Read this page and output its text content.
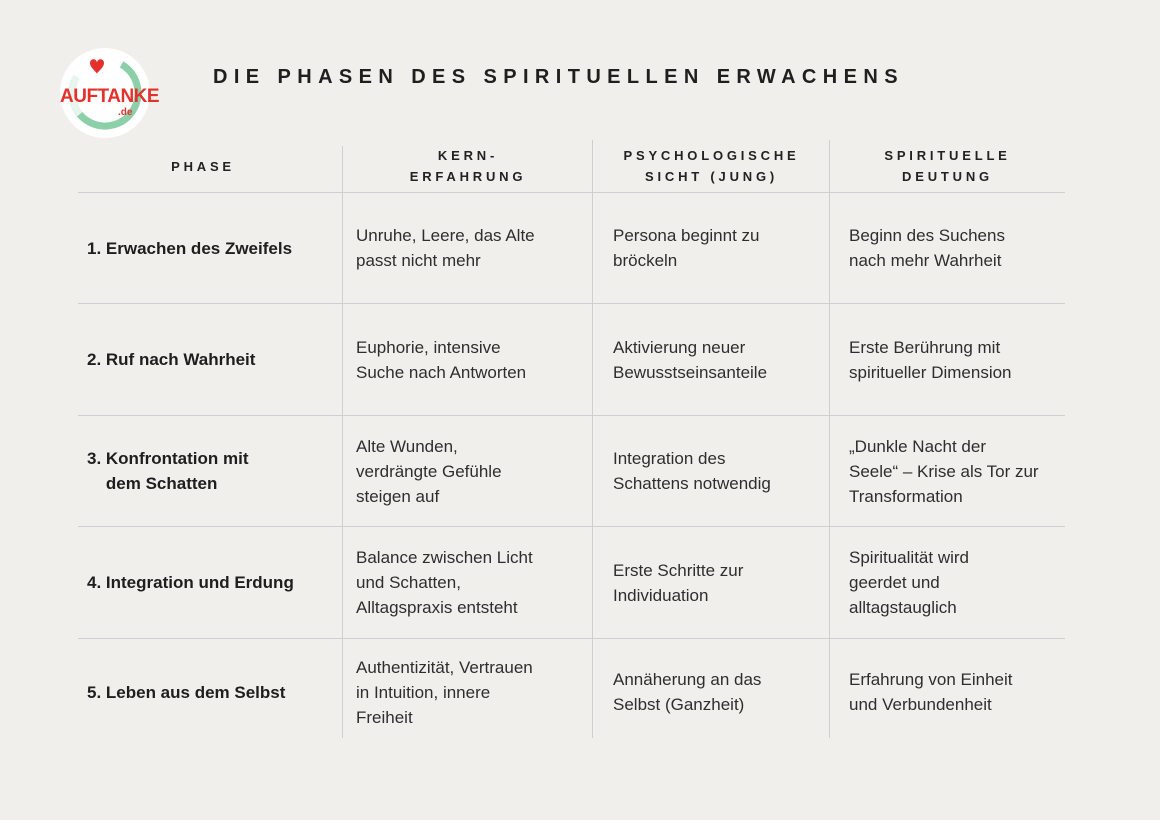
AUFTANKE
.de
DIE PHASEN DES SPIRITUELLEN ERWACHENS
PHASE
KERN-
ERFAHRUNG
PSYCHOLOGISCHE
SICHT (JUNG)
SPIRITUELLE
DEUTUNG
1. Erwachen des Zweifels
Unruhe, Leere, das Alte
passt nicht mehr
Persona beginnt zu
bröckeln
Beginn des Suchens
nach mehr Wahrheit
2. Ruf nach Wahrheit
Euphorie, intensive
Suche nach Antworten
Aktivierung neuer
Bewusstseinsanteile
Erste Berührung mit
spiritueller Dimension
3. Konfrontation mit
dem Schatten
Alte Wunden,
verdrängte Gefühle
steigen auf
Integration des
Schattens notwendig
„Dunkle Nacht der
Seele“ – Krise als Tor zur
Transformation
4. Integration und Erdung
Balance zwischen Licht
und Schatten,
Alltagspraxis entsteht
Erste Schritte zur
Individuation
Spiritualität wird
geerdet und
alltagstauglich
5. Leben aus dem Selbst
Authentizität, Vertrauen
in Intuition, innere
Freiheit
Annäherung an das
Selbst (Ganzheit)
Erfahrung von Einheit
und Verbundenheit
